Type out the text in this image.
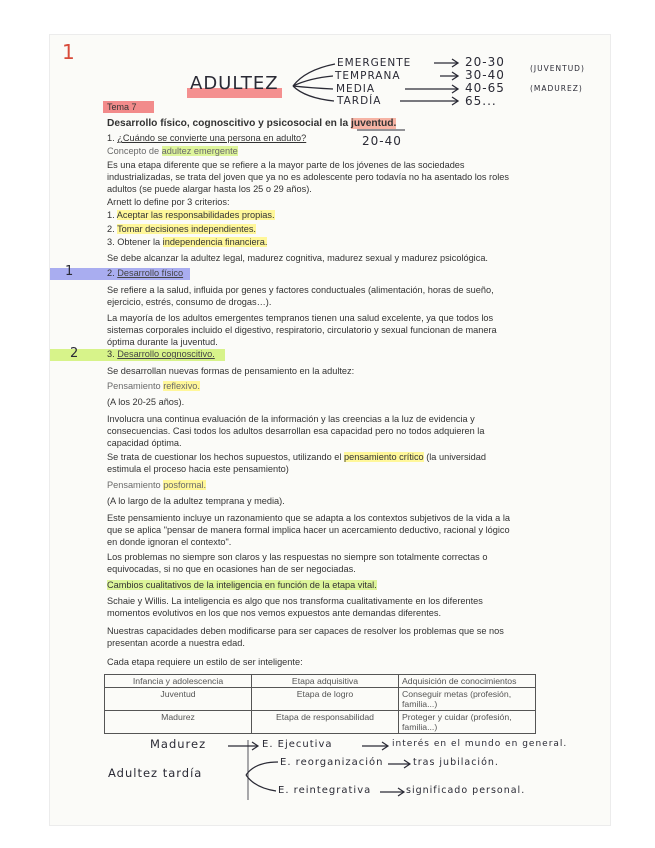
1
ADULTEZ
EMERGENTE
TEMPRANA
MEDIA
TARDÍA
20-30
30-40
40-65
65...
(JUVENTUD)
(MADUREZ)
Tema 7
Desarrollo físico, cognoscitivo y psicosocial en la juventud.
20-40
1. ¿Cuándo se convierte una persona en adulto?
Concepto de adultez emergente
Es una etapa diferente que se refiere a la mayor parte de los jóvenes de las sociedades
industrializadas, se trata del joven que ya no es adolescente pero todavía no ha asentado los roles
adultos (se puede alargar hasta los 25 o 29 años).
Arnett lo define por 3 criterios:
1. Aceptar las responsabilidades propias.
2. Tomar decisiones independientes.
3. Obtener la independencia financiera.
Se debe alcanzar la adultez legal, madurez cognitiva, madurez sexual y madurez psicológica.
1	2. Desarrollo físico
Se refiere a la salud, influida por genes y factores conductuales (alimentación, horas de sueño,
ejercicio, estrés, consumo de drogas…).
La mayoría de los adultos emergentes tempranos tienen una salud excelente, ya que todos los
sistemas corporales incluido el digestivo, respiratorio, circulatorio y sexual funcionan de manera
óptima durante la juventud.
2	3. Desarrollo cognoscitivo.
Se desarrollan nuevas formas de pensamiento en la adultez:
Pensamiento reflexivo.
(A los 20-25 años).
Involucra una continua evaluación de la información y las creencias a la luz de evidencia y
consecuencias. Casi todos los adultos desarrollan esa capacidad pero no todos adquieren la
capacidad óptima.
Se trata de cuestionar los hechos supuestos, utilizando el pensamiento crítico (la universidad
estimula el proceso hacia este pensamiento)
Pensamiento posformal.
(A lo largo de la adultez temprana y media).
Este pensamiento incluye un razonamiento que se adapta a los contextos subjetivos de la vida a la
que se aplica "pensar de manera formal implica hacer un acercamiento deductivo, racional y lógico
en donde ignoran el contexto".
Los problemas no siempre son claros y las respuestas no siempre son totalmente correctas o
equivocadas, si no que en ocasiones han de ser negociadas.
Cambios cualitativos de la inteligencia en función de la etapa vital.
Schaie y Willis. La inteligencia es algo que nos transforma cualitativamente en los diferentes
momentos evolutivos en los que nos vemos expuestos ante demandas diferentes.
Nuestras capacidades deben modificarse para ser capaces de resolver los problemas que se nos
presentan acorde a nuestra edad.
Cada etapa requiere un estilo de ser inteligente:
Infancia y adolescencia	Etapa adquisitiva	Adquisición de conocimientos
Juventud	Etapa de logro	Conseguir metas (profesión, familia...)
Madurez	Etapa de responsabilidad	Proteger y cuidar (profesión, familia...)
Madurez	E. Ejecutiva	interés en el mundo en general.
Adultez tardía
E. reorganización	tras jubilación.
E. reintegrativa	significado personal.
